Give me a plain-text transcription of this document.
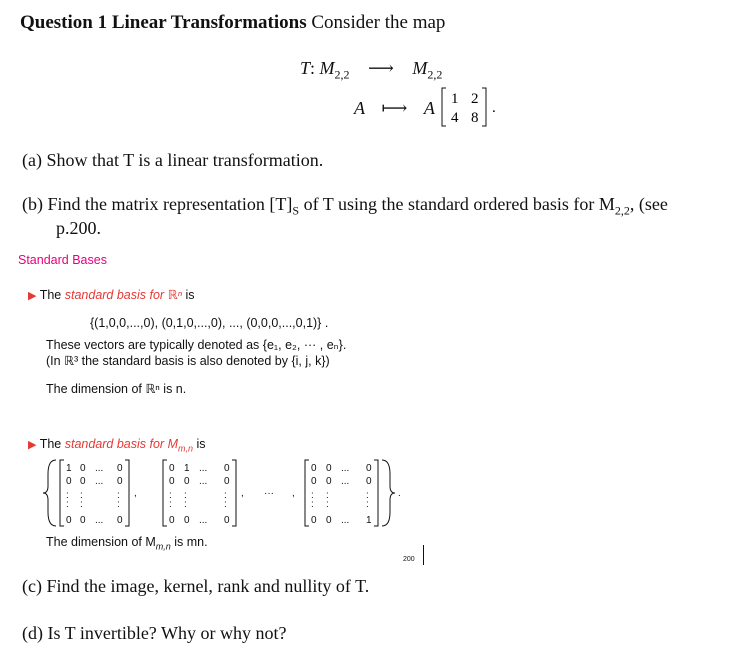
Question 1 Linear Transformations Consider the map
T: $M_{2,2}$ ⟶ $M_{2,2}$
A ⟼ A 1 2
4 8
.
(a) Show that T is a linear transformation.
(b) Find the matrix representation $[T]_S$ of T using the standard ordered basis for $M_{2,2}$, (see
p.200.
Standard Bases
▶ The standard basis for ℝⁿ is
{(1,0,0,...,0), (0,1,0,...,0), ..., (0,0,0,...,0,1)} .
These vectors are typically denoted as {e₁, e₂, ··· , eₙ}.
(In ℝ³ the standard basis is also denoted by {i, j, k})
The dimension of ℝⁿ is n.
▶ The standard basis for $M_{m,n}$ is
1 0 ... 0
0 0 ... 0
: :	:
: :	:
0 0 ... 0
,
0 1 ... 0
0 0 ... 0
: :	:
: :	:
0 0 ... 0
, ··· ,
0 0 ... 0
0 0 ... 0
: :	:
: :	:
0 0 ... 1
.
The dimension of $M_{m,n}$ is mn.
200
(c) Find the image, kernel, rank and nullity of T.
(d) Is T invertible? Why or why not?
